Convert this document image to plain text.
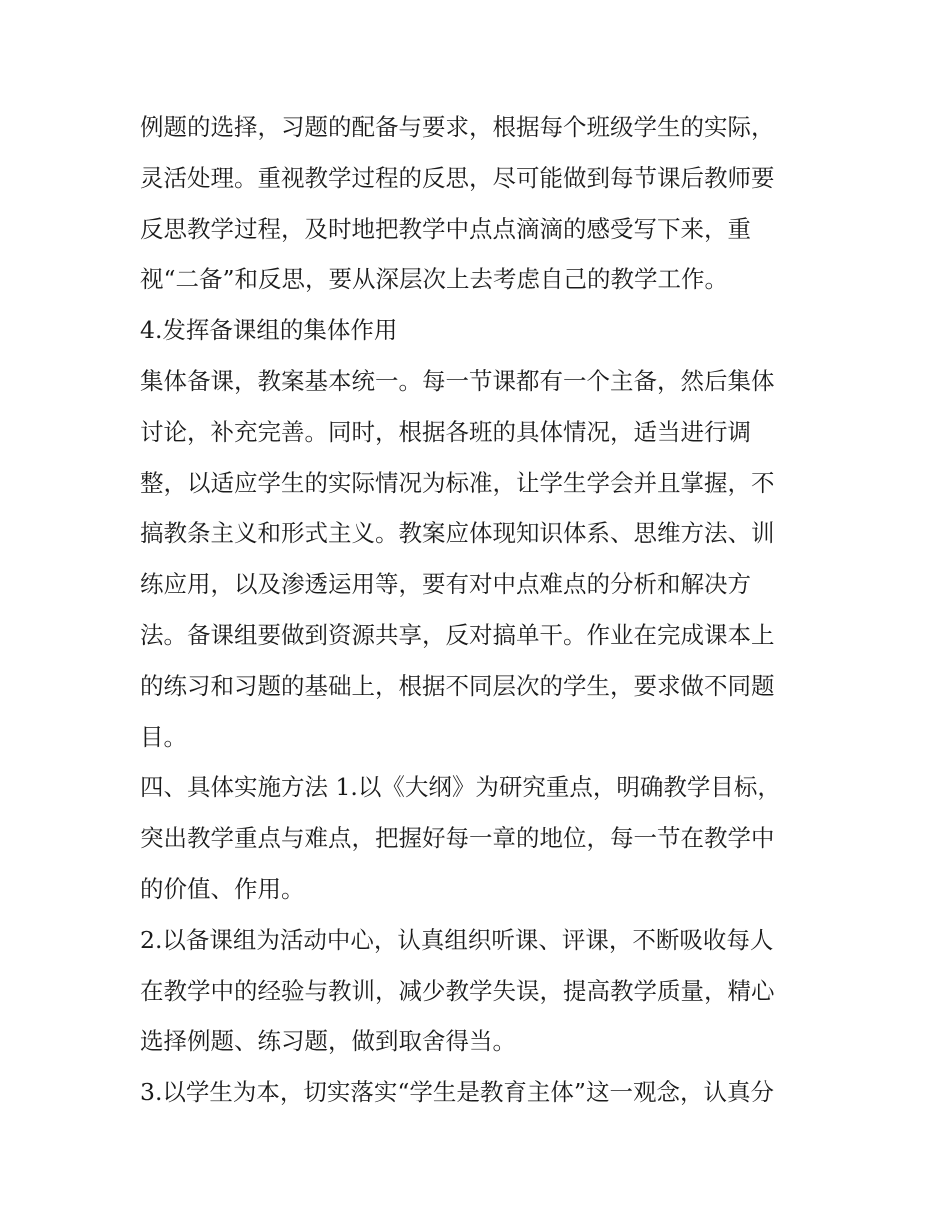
例题的选择，习题的配备与要求，根据每个班级学生的实际，
灵活处理。重视教学过程的反思，尽可能做到每节课后教师要
反思教学过程，及时地把教学中点点滴滴的感受写下来，重
视“二备”和反思，要从深层次上去考虑自己的教学工作。
4.发挥备课组的集体作用
集体备课，教案基本统一。每一节课都有一个主备，然后集体
讨论，补充完善。同时，根据各班的具体情况，适当进行调
整，以适应学生的实际情况为标准，让学生学会并且掌握，不
搞教条主义和形式主义。教案应体现知识体系、思维方法、训
练应用，以及渗透运用等，要有对中点难点的分析和解决方
法。备课组要做到资源共享，反对搞单干。作业在完成课本上
的练习和习题的基础上，根据不同层次的学生，要求做不同题
目。
四、具体实施方法 1.以《大纲》为研究重点，明确教学目标，
突出教学重点与难点，把握好每一章的地位，每一节在教学中
的价值、作用。
2.以备课组为活动中心，认真组织听课、评课，不断吸收每人
在教学中的经验与教训，减少教学失误，提高教学质量，精心
选择例题、练习题，做到取舍得当。
3.以学生为本，切实落实“学生是教育主体”这一观念，认真分
